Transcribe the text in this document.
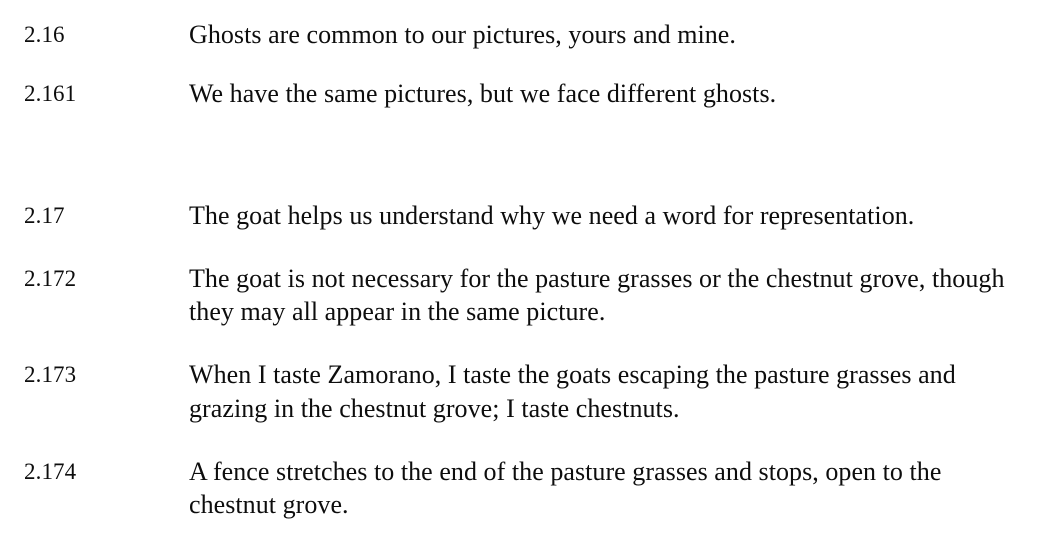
2.16	Ghosts are common to our pictures, yours and mine.
2.161	We have the same pictures, but we face different ghosts.
2.17	The goat helps us understand why we need a word for representation.
2.172	The goat is not necessary for the pasture grasses or the chestnut grove, though they may all appear in the same picture.
2.173	When I taste Zamorano, I taste the goats escaping the pasture grasses and grazing in the chestnut grove; I taste chestnuts.
2.174	A fence stretches to the end of the pasture grasses and stops, open to the chestnut grove.
